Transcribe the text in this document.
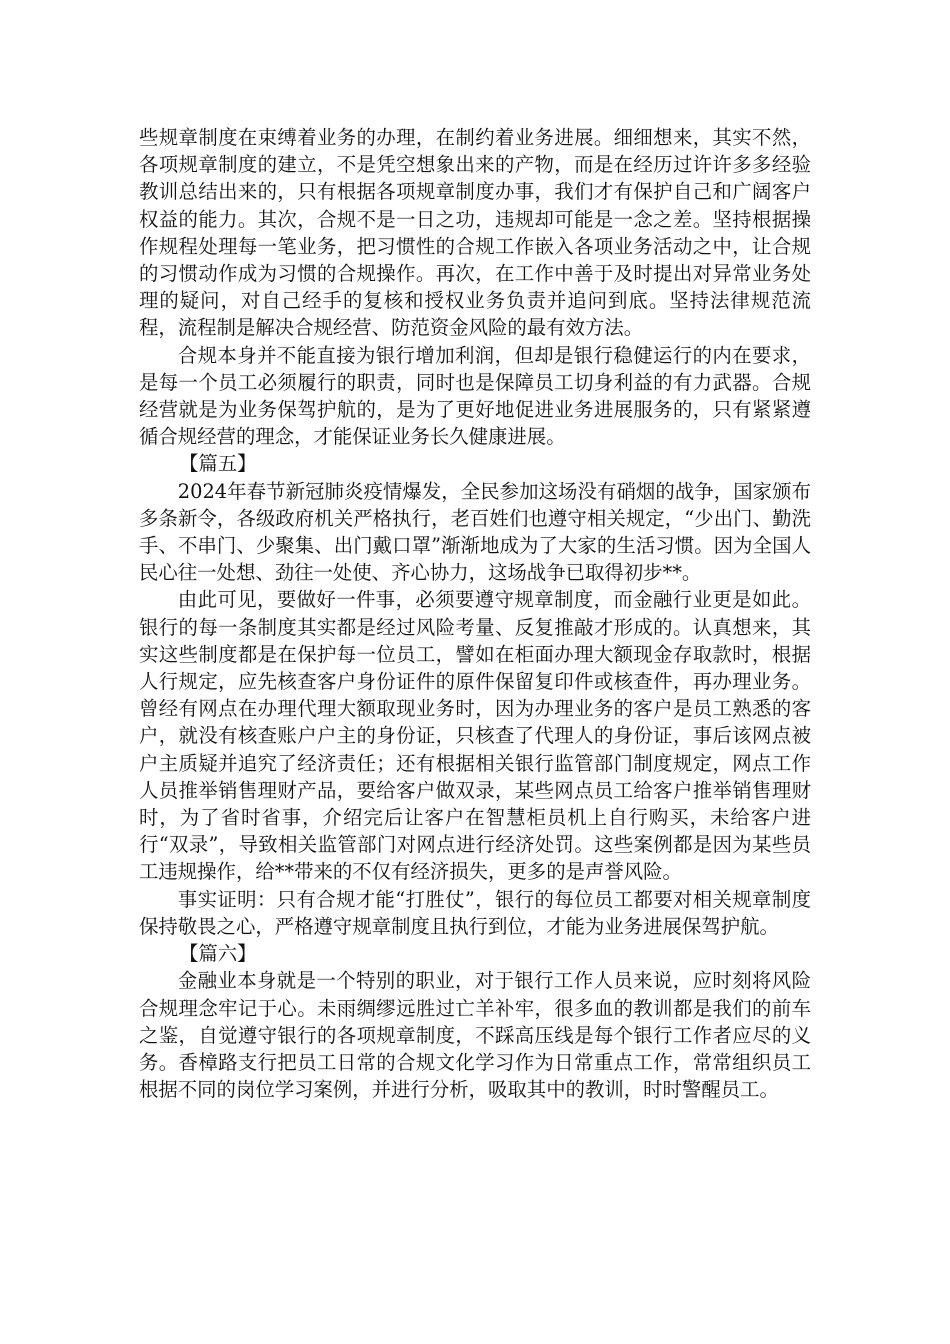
些规章制度在束缚着业务的办理，在制约着业务进展。细细想来，其实不然，各项规章制度的建立，不是凭空想象出来的产物，而是在经历过许许多多经验教训总结出来的，只有根据各项规章制度办事，我们才有保护自己和广阔客户权益的能力。其次，合规不是一日之功，违规却可能是一念之差。坚持根据操作规程处理每一笔业务，把习惯性的合规工作嵌入各项业务活动之中，让合规的习惯动作成为习惯的合规操作。再次，在工作中善于及时提出对异常业务处理的疑问，对自己经手的复核和授权业务负责并追问到底。坚持法律规范流程，流程制是解决合规经营、防范资金风险的最有效方法。

合规本身并不能直接为银行增加利润，但却是银行稳健运行的内在要求，是每一个员工必须履行的职责，同时也是保障员工切身利益的有力武器。合规经营就是为业务保驾护航的，是为了更好地促进业务进展服务的，只有紧紧遵循合规经营的理念，才能保证业务长久健康进展。

【篇五】

2024年春节新冠肺炎疫情爆发，全民参加这场没有硝烟的战争，国家颁布多条新令，各级政府机关严格执行，老百姓们也遵守相关规定，“少出门、勤洗手、不串门、少聚集、出门戴口罩”渐渐地成为了大家的生活习惯。因为全国人民心往一处想、劲往一处使、齐心协力，这场战争已取得初步**。

由此可见，要做好一件事，必须要遵守规章制度，而金融行业更是如此。银行的每一条制度其实都是经过风险考量、反复推敲才形成的。认真想来，其实这些制度都是在保护每一位员工，譬如在柜面办理大额现金存取款时，根据人行规定，应先核查客户身份证件的原件保留复印件或核查件，再办理业务。曾经有网点在办理代理大额取现业务时，因为办理业务的客户是员工熟悉的客户，就没有核查账户户主的身份证，只核查了代理人的身份证，事后该网点被户主质疑并追究了经济责任；还有根据相关银行监管部门制度规定，网点工作人员推举销售理财产品，要给客户做双录，某些网点员工给客户推举销售理财时，为了省时省事，介绍完后让客户在智慧柜员机上自行购买，未给客户进行“双录”，导致相关监管部门对网点进行经济处罚。这些案例都是因为某些员工违规操作，给**带来的不仅有经济损失，更多的是声誉风险。

事实证明：只有合规才能“打胜仗”，银行的每位员工都要对相关规章制度保持敬畏之心，严格遵守规章制度且执行到位，才能为业务进展保驾护航。

【篇六】

金融业本身就是一个特别的职业，对于银行工作人员来说，应时刻将风险合规理念牢记于心。未雨绸缪远胜过亡羊补牢，很多血的教训都是我们的前车之鉴，自觉遵守银行的各项规章制度，不踩高压线是每个银行工作者应尽的义务。香樟路支行把员工日常的合规文化学习作为日常重点工作，常常组织员工根据不同的岗位学习案例，并进行分析，吸取其中的教训，时时警醒员工。
